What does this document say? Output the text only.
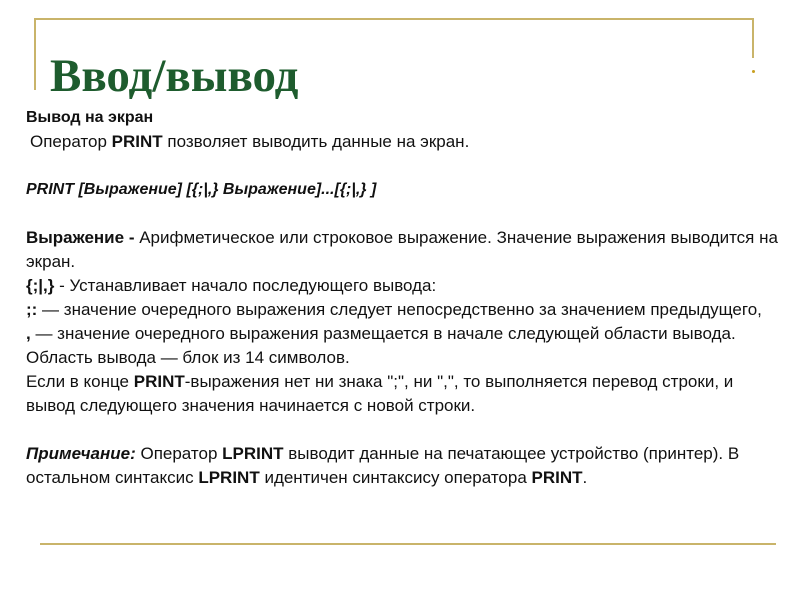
Ввод/вывод

Вывод на экран

Оператор PRINT позволяет выводить данные на экран.

PRINT [Выражение] [{;|,} Выражение]...[{;|,} ]

Выражение - Арифметическое или строковое выражение. Значение выражения выводится на экран.

{;|,} - Устанавливает начало последующего вывода:

;: — значение очередного выражения следует непосредственно за значением предыдущего,

, — значение очередного выражения размещается в начале следующей области вывода. Область вывода — блок из 14 символов.

Если в конце PRINT-выражения нет ни знака ";", ни ",", то выполняется перевод строки, и вывод следующего значения начинается с новой строки.

Примечание: Оператор LPRINT выводит данные на печатающее устройство (принтер). В остальном синтаксис LPRINT идентичен синтаксису оператора PRINT.
